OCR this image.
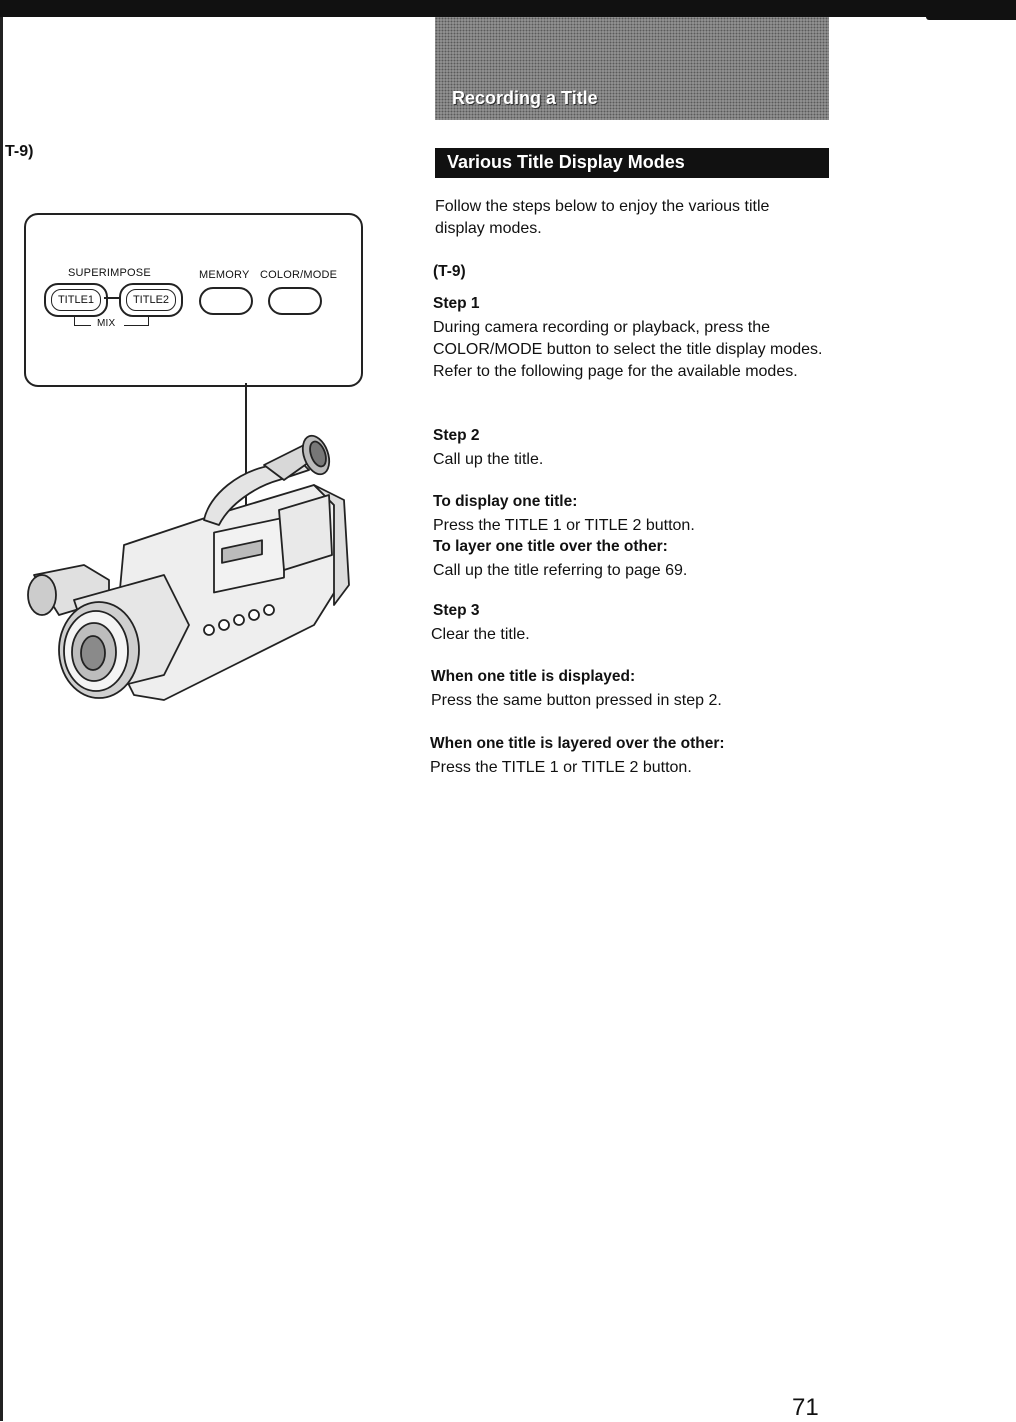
Recording a Title
T-9)
Various Title Display Modes
Follow the steps below to enjoy the various title display modes.
(T-9)
Step 1
During camera recording or playback, press the COLOR/MODE button to select the title display modes. Refer to the following page for the available modes.
Step 2
Call up the title.
To display one title:
Press the TITLE 1 or TITLE 2 button.
To layer one title over the other:
Call up the title referring to page 69.
Step 3
Clear the title.
When one title is displayed:
Press the same button pressed in step 2.
When one title is layered over the other:
Press the TITLE 1 or TITLE 2 button.
71
SUPERIMPOSE	MEMORY COLOR/MODE
TITLE1	TITLE2
MIX
